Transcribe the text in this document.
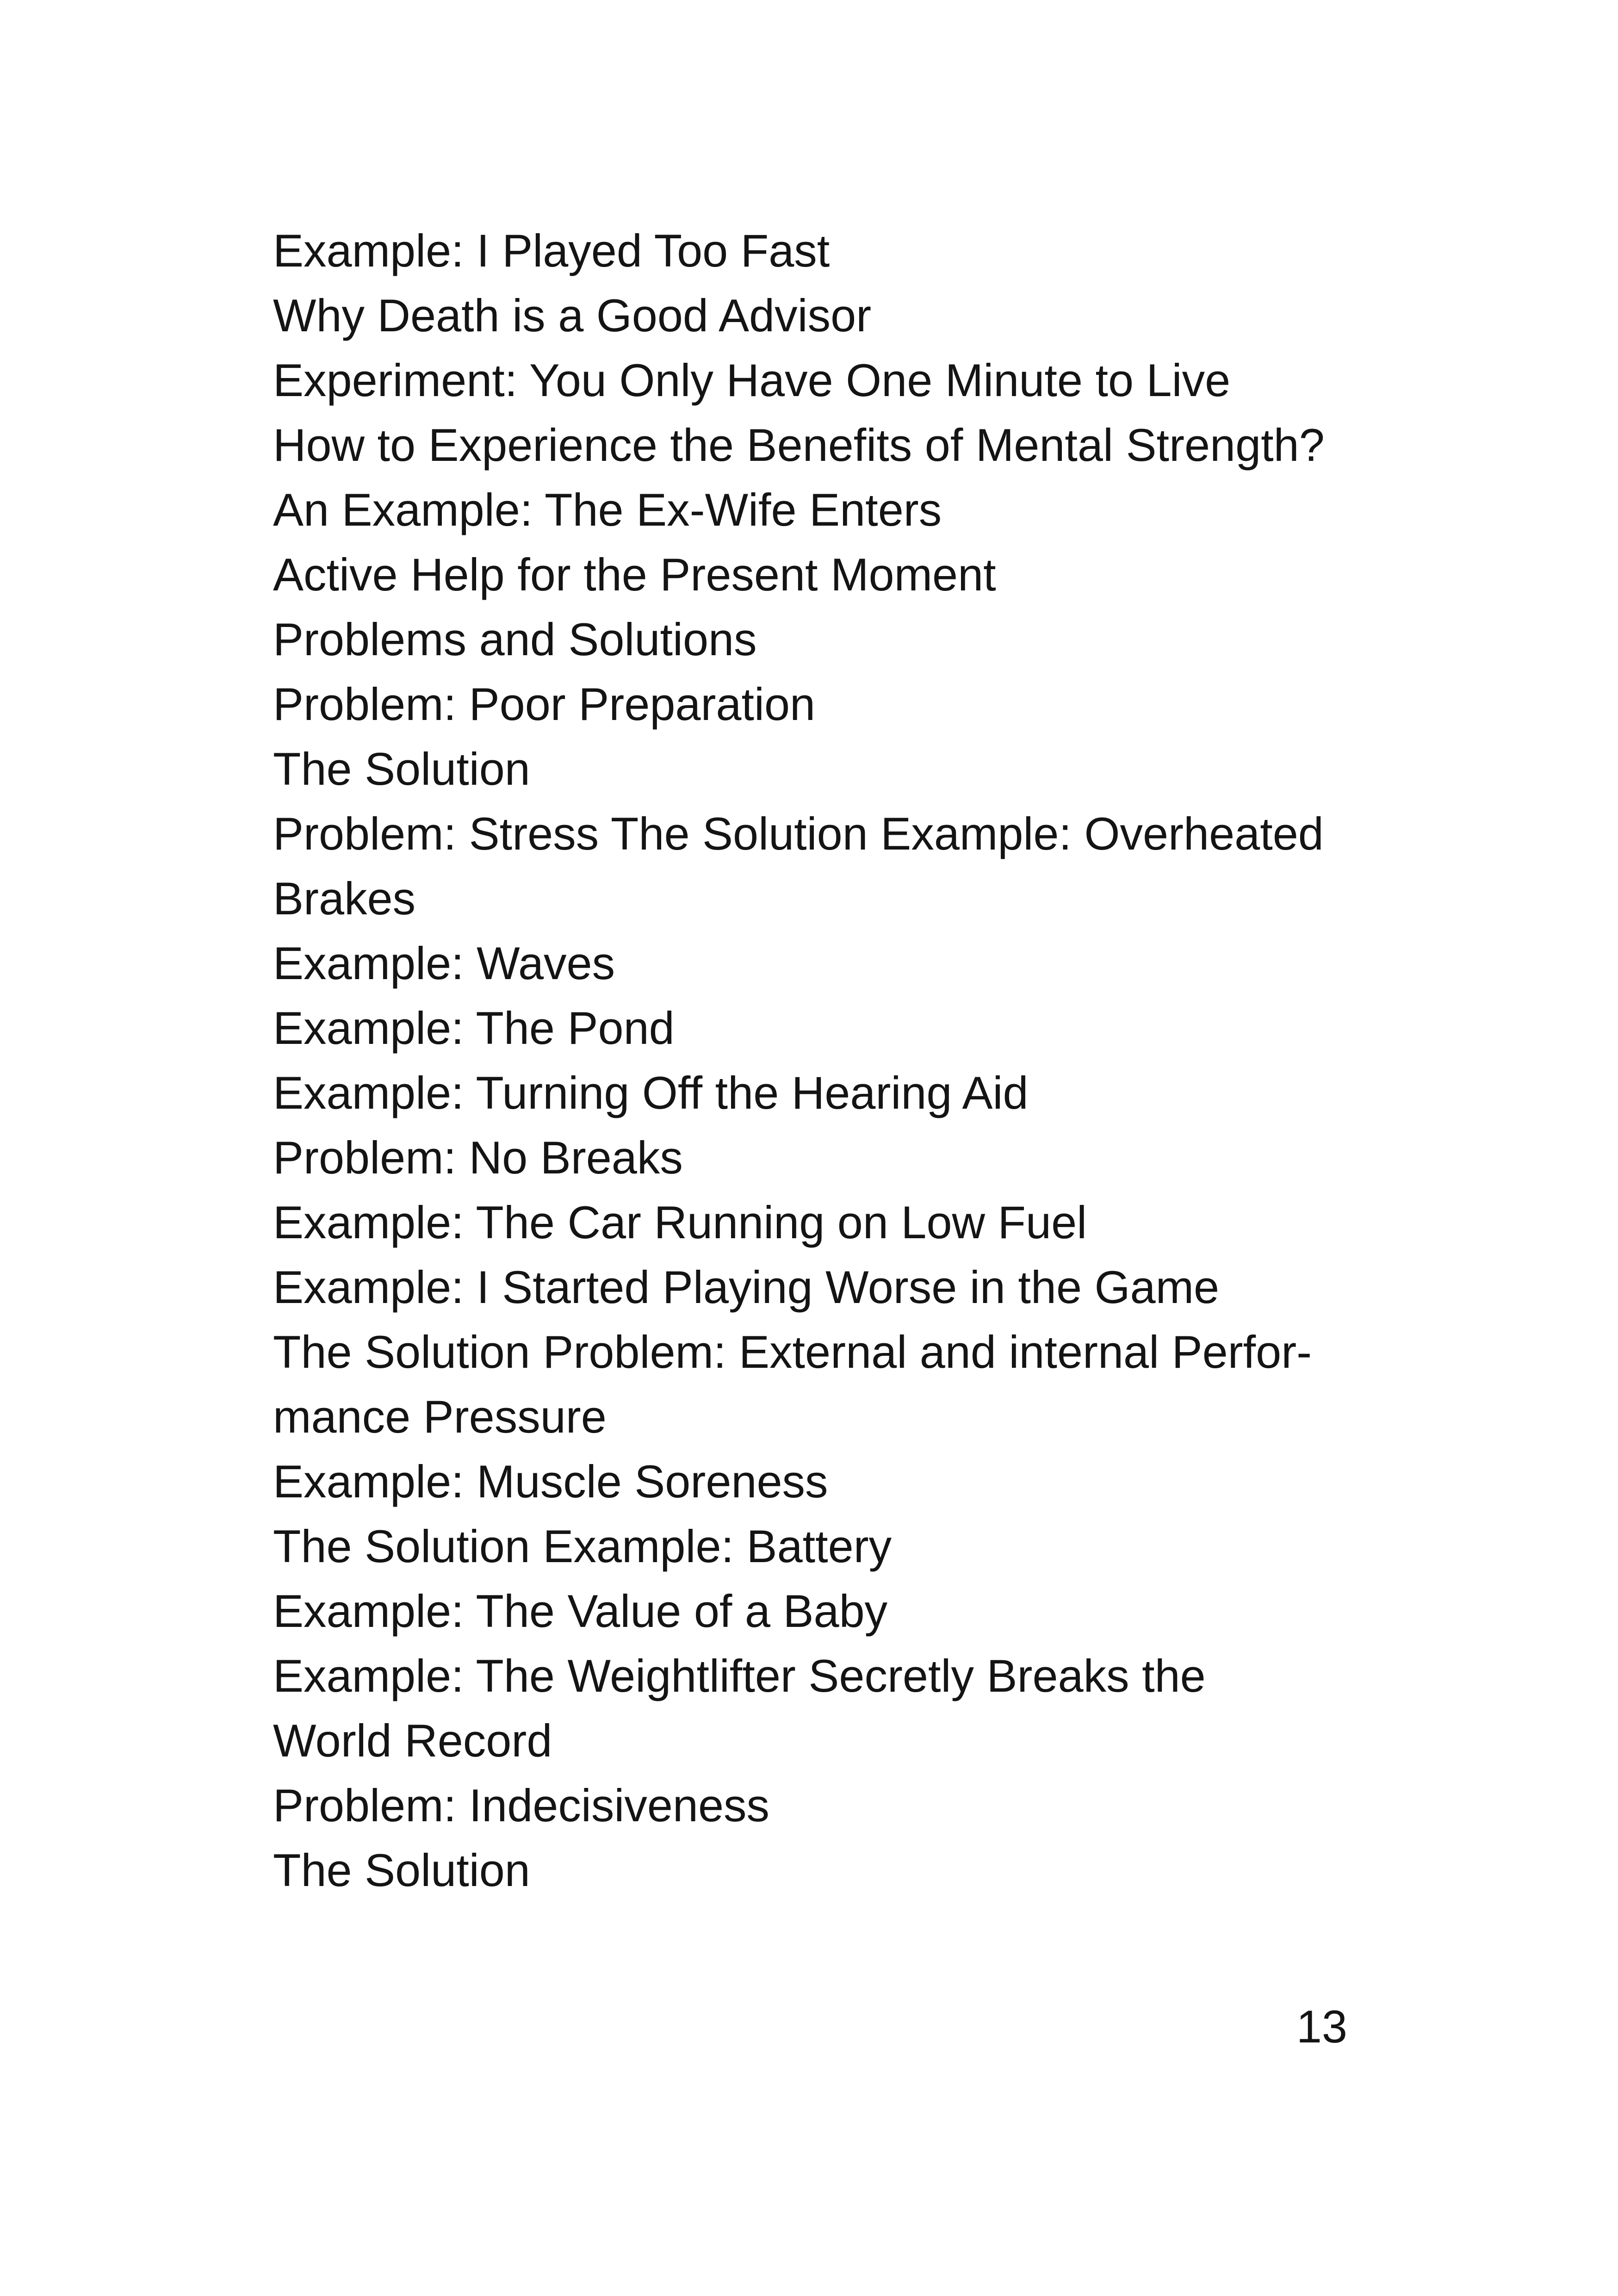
Example: I Played Too Fast
Why Death is a Good Advisor
Experiment: You Only Have One Minute to Live
How to Experience the Benefits of Mental Strength?
An Example: The Ex-Wife Enters
Active Help for the Present Moment
Problems and Solutions
Problem: Poor Preparation
The Solution
Problem: Stress The Solution Example: Overheated
Brakes
Example: Waves
Example: The Pond
Example: Turning Off the Hearing Aid
Problem: No Breaks
Example: The Car Running on Low Fuel
Example: I Started Playing Worse in the Game
The Solution Problem: External and internal Perfor-
mance Pressure
Example: Muscle Soreness
The Solution Example: Battery
Example: The Value of a Baby
Example: The Weightlifter Secretly Breaks the
World Record
Problem: Indecisiveness
The Solution
13
